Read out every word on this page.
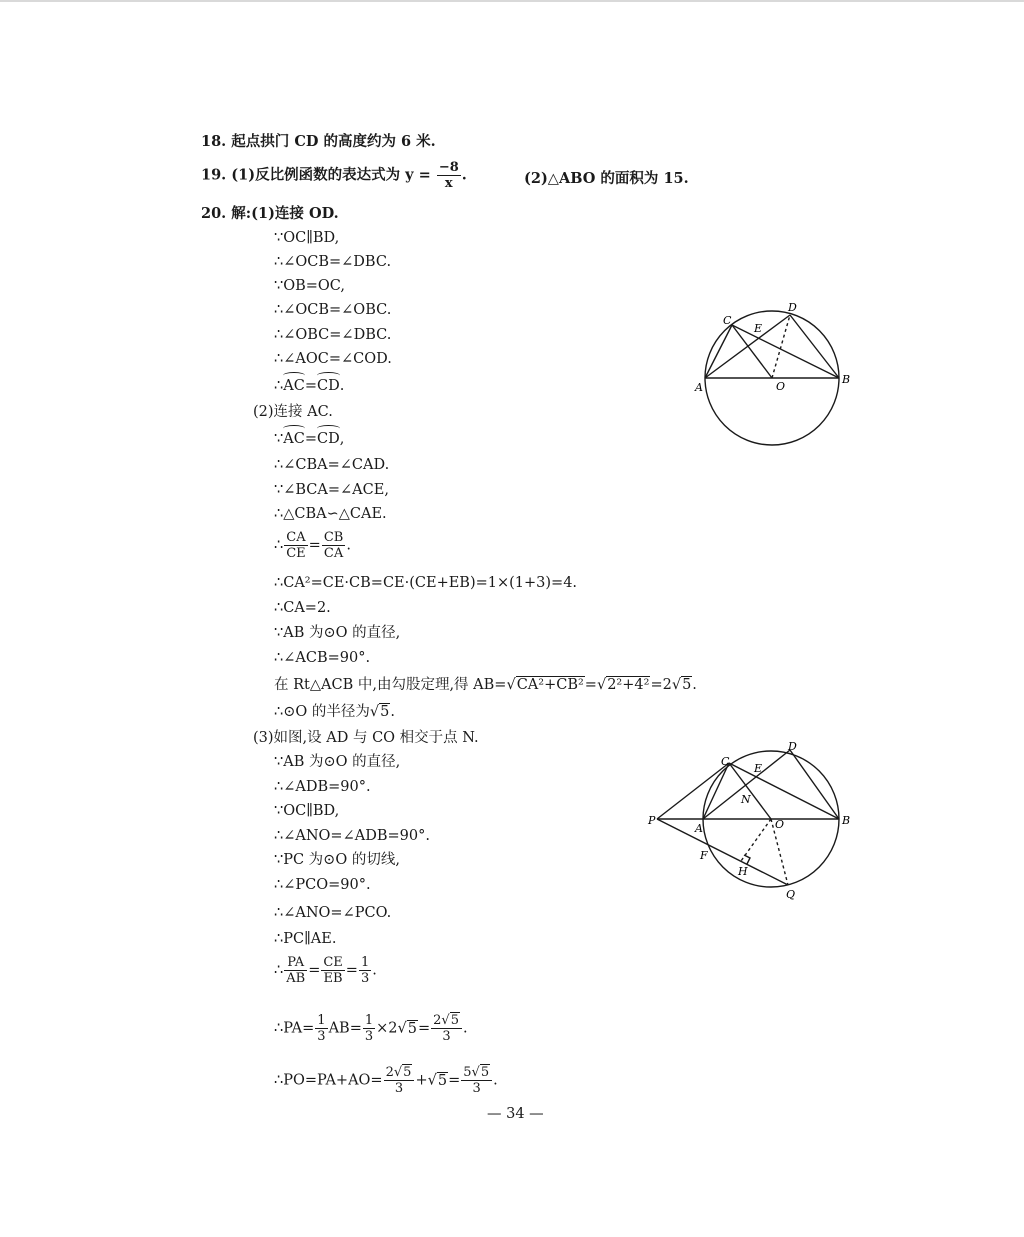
18. 起点拱门 CD 的高度约为 6 米.
19. (1)反比例函数的表达式为 $y = \frac{-8}{x}$ .	(2)△ABO 的面积为 15.
20. 解:(1)连接 OD.
∵OC∥BD,
∴∠OCB=∠DBC.
∵OB=OC,
∴∠OCB=∠OBC.
∴∠OBC=∠DBC.
∴∠AOC=∠COD.
∴AC=CD.
(2)连接 AC.
∵AC=CD,
∴∠CBA=∠CAD.
∵∠BCA=∠ACE,
∴△CBA∽△CAE.
∴ $\frac{CA}{CE} = \frac{CB}{CA}$ .
∴CA²=CE·CB=CE·(CE+EB)=1×(1+3)=4.
∴CA=2.
∵AB 为⊙O 的直径,
∴∠ACB=90°.
在 Rt△ACB 中,由勾股定理,得 AB=√CA²+CB²=√2²+4²=2√5.
∴⊙O 的半径为√5.
(3)如图,设 AD 与 CO 相交于点 N.
∵AB 为⊙O 的直径,
∴∠ADB=90°.
∵OC∥BD,
∴∠ANO=∠ADB=90°.
∵PC 为⊙O 的切线,
∴∠PCO=90°.
∴∠ANO=∠PCO.
∴PC∥AE.
∴ $\frac{PA}{AB} = \frac{CE}{EB} = \frac{1}{3}$ .
∴PA= $\frac{1}{3} AB= \frac{1}{3} \times 2√5= \frac{2√5}{3}$ .
∴PO=PA+AO= $\frac{2√5}{3} +√5= \frac{5√5}{3}$ .
— 34 —
C
D
E
A	O
B
C
D
E
N
P
A	O	B
F
H
Q
